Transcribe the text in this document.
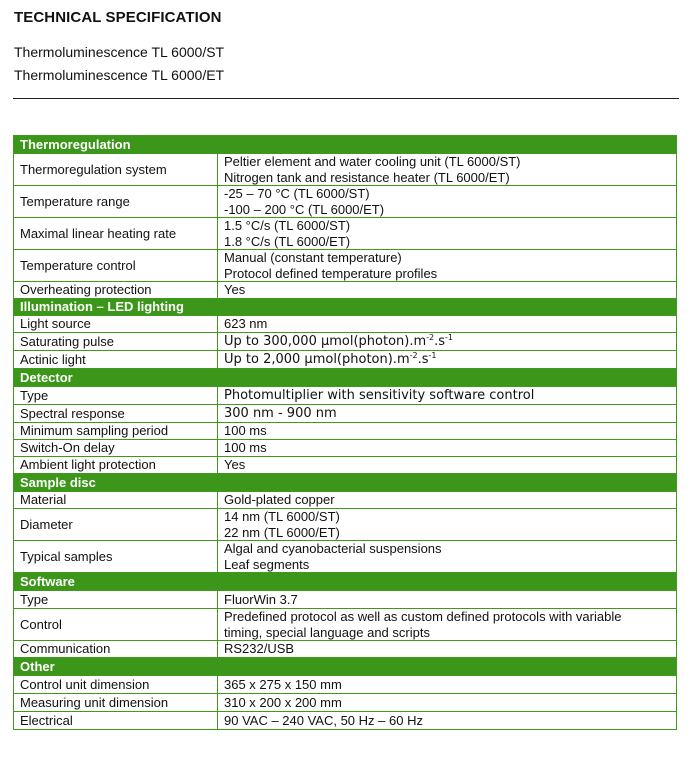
TECHNICAL SPECIFICATION
Thermoluminescence TL 6000/ST
Thermoluminescence TL 6000/ET
Thermoregulation	
Thermoregulation system	Peltier element and water cooling unit (TL 6000/ST)
Nitrogen tank and resistance heater (TL 6000/ET)

Temperature range	-25 – 70 °C (TL 6000/ST)
-100 – 200 °C (TL 6000/ET)

Maximal linear heating rate	1.5 °C/s (TL 6000/ST)
1.8 °C/s (TL 6000/ET)

Temperature control	Manual (constant temperature)
Protocol defined temperature profiles

Overheating protection	Yes
Illumination – LED lighting	
Light source	623 nm
Saturating pulse	Up to 300,000 $\mu mol(photon).m^{-2}.s^{-1}$
Actinic light	Up to 2,000 $\mu mol(photon).m^{-2}.s^{-1}$
Detector	
Type	Photomultiplier with sensitivity software control
Spectral response	300 nm - 900 nm
Minimum sampling period	100 ms
Switch-On delay	100 ms
Ambient light protection	Yes
Sample disc	
Material	Gold-plated copper
Diameter	14 nm (TL 6000/ST)
22 nm (TL 6000/ET)

Typical samples	Algal and cyanobacterial suspensions
Leaf segments

Software	
Type	FluorWin 3.7
Control	Predefined protocol as well as custom defined protocols with variable
timing, special language and scripts

Communication	RS232/USB
Other	
Control unit dimension	365 x 275 x 150 mm
Measuring unit dimension	310 x 200 x 200 mm
Electrical	90 VAC – 240 VAC, 50 Hz – 60 Hz
